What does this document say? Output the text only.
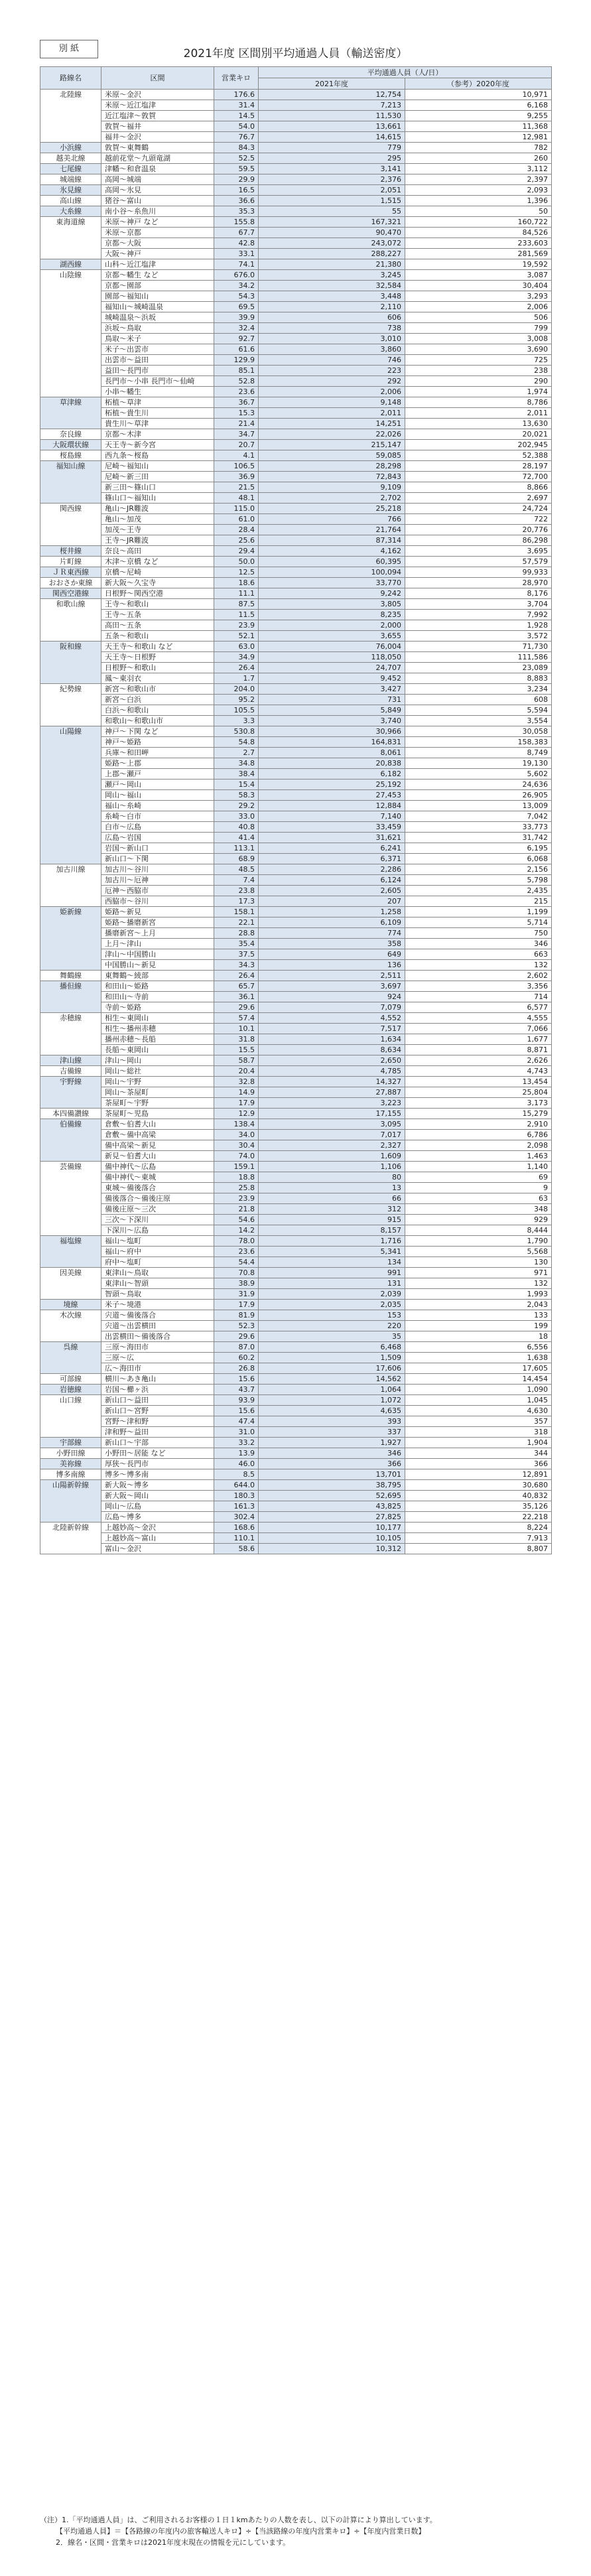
別 紙	2021年度 区間別平均通過人員（輸送密度）
路線名	区間	営業キロ	平均通過人員（人/日）	
			2021年度	（参考）2020年度
北陸線	米原～金沢	176.6	12,754	10,971
	米原～近江塩津	31.4	7,213	6,168
	近江塩津～敦賀	14.5	11,530	9,255
	敦賀～福井	54.0	13,661	11,368
	福井～金沢	76.7	14,615	12,981
小浜線	敦賀～東舞鶴	84.3	779	782
越美北線	越前花堂～九頭竜湖	52.5	295	260
七尾線	津幡～和倉温泉	59.5	3,141	3,112
城端線	高岡～城端	29.9	2,376	2,397
氷見線	高岡～氷見	16.5	2,051	2,093
高山線	猪谷～富山	36.6	1,515	1,396
大糸線	南小谷～糸魚川	35.3	55	50
東海道線	米原～神戸 など	155.8	167,321	160,722
	米原～京都	67.7	90,470	84,526
	京都～大阪	42.8	243,072	233,603
	大阪～神戸	33.1	288,227	281,569
湖西線	山科～近江塩津	74.1	21,380	19,592
山陰線	京都～幡生 など	676.0	3,245	3,087
	京都～園部	34.2	32,584	30,404
	園部～福知山	54.3	3,448	3,293
	福知山～城崎温泉	69.5	2,110	2,006
	城崎温泉～浜坂	39.9	606	506
	浜坂～鳥取	32.4	738	799
	鳥取～米子	92.7	3,010	3,008
	米子～出雲市	61.6	3,860	3,690
	出雲市～益田	129.9	746	725
	益田～長門市	85.1	223	238
	長門市～小串 長門市～仙崎	52.8	292	290
	小串～幡生	23.6	2,006	1,974
草津線	柘植～草津	36.7	9,148	8,786
	柘植～貴生川	15.3	2,011	2,011
	貴生川～草津	21.4	14,251	13,630
奈良線	京都～木津	34.7	22,026	20,021
大阪環状線	天王寺～新今宮	20.7	215,147	202,945
桜島線	西九条～桜島	4.1	59,085	52,388
福知山線	尼崎～福知山	106.5	28,298	28,197
	尼崎～新三田	36.9	72,843	72,700
	新三田～篠山口	21.5	9,109	8,866
	篠山口～福知山	48.1	2,702	2,697
関西線	亀山～JR難波	115.0	25,218	24,724
	亀山～加茂	61.0	766	722
	加茂～王寺	28.4	21,764	20,776
	王寺～JR難波	25.6	87,314	86,298
桜井線	奈良～高田	29.4	4,162	3,695
片町線	木津～京橋 など	50.0	60,395	57,579
ＪＲ東西線	京橋～尼崎	12.5	100,094	99,933
おおさか東線	新大阪～久宝寺	18.6	33,770	28,970
関西空港線	日根野～関西空港	11.1	9,242	8,176
和歌山線	王寺～和歌山	87.5	3,805	3,704
	王寺～五条	11.5	8,235	7,992
	高田～五条	23.9	2,000	1,928
	五条～和歌山	52.1	3,655	3,572
阪和線	天王寺～和歌山 など	63.0	76,004	71,730
	天王寺～日根野	34.9	118,050	111,586
	日根野～和歌山	26.4	24,707	23,089
	鳳～東羽衣	1.7	9,452	8,883
紀勢線	新宮～和歌山市	204.0	3,427	3,234
	新宮～白浜	95.2	731	608
	白浜～和歌山	105.5	5,849	5,594
	和歌山～和歌山市	3.3	3,740	3,554
山陽線	神戸～下関 など	530.8	30,966	30,058
	神戸～姫路	54.8	164,831	158,383
	兵庫～和田岬	2.7	8,061	8,749
	姫路～上郡	34.8	20,838	19,130
	上郡～瀬戸	38.4	6,182	5,602
	瀬戸～岡山	15.4	25,192	24,636
	岡山～福山	58.3	27,453	26,905
	福山～糸崎	29.2	12,884	13,009
	糸崎～白市	33.0	7,140	7,042
	白市～広島	40.8	33,459	33,773
	広島～岩国	41.4	31,621	31,742
	岩国～新山口	113.1	6,241	6,195
	新山口～下関	68.9	6,371	6,068
加古川線	加古川～谷川	48.5	2,286	2,156
	加古川～厄神	7.4	6,124	5,798
	厄神～西脇市	23.8	2,605	2,435
	西脇市～谷川	17.3	207	215
姫新線	姫路～新見	158.1	1,258	1,199
	姫路～播磨新宮	22.1	6,109	5,714
	播磨新宮～上月	28.8	774	750
	上月～津山	35.4	358	346
	津山～中国勝山	37.5	649	663
	中国勝山～新見	34.3	136	132
舞鶴線	東舞鶴～綾部	26.4	2,511	2,602
播但線	和田山～姫路	65.7	3,697	3,356
	和田山～寺前	36.1	924	714
	寺前～姫路	29.6	7,079	6,577
赤穂線	相生～東岡山	57.4	4,552	4,555
	相生～播州赤穂	10.1	7,517	7,066
	播州赤穂～長船	31.8	1,634	1,677
	長船～東岡山	15.5	8,634	8,871
津山線	津山～岡山	58.7	2,650	2,626
吉備線	岡山～総社	20.4	4,785	4,743
宇野線	岡山～宇野	32.8	14,327	13,454
	岡山～茶屋町	14.9	27,887	25,804
	茶屋町～宇野	17.9	3,223	3,173
本四備讃線	茶屋町～児島	12.9	17,155	15,279
伯備線	倉敷～伯耆大山	138.4	3,095	2,910
	倉敷～備中高梁	34.0	7,017	6,786
	備中高梁～新見	30.4	2,327	2,098
	新見～伯耆大山	74.0	1,609	1,463
芸備線	備中神代～広島	159.1	1,106	1,140
	備中神代～東城	18.8	80	69
	東城～備後落合	25.8	13	9
	備後落合～備後庄原	23.9	66	63
	備後庄原～三次	21.8	312	348
	三次～下深川	54.6	915	929
	下深川～広島	14.2	8,157	8,444
福塩線	福山～塩町	78.0	1,716	1,790
	福山～府中	23.6	5,341	5,568
	府中～塩町	54.4	134	130
因美線	東津山～鳥取	70.8	991	971
	東津山～智頭	38.9	131	132
	智頭～鳥取	31.9	2,039	1,993
境線	米子～境港	17.9	2,035	2,043
木次線	宍道～備後落合	81.9	153	133
	宍道～出雲横田	52.3	220	199
	出雲横田～備後落合	29.6	35	18
呉線	三原～海田市	87.0	6,468	6,556
	三原～広	60.2	1,509	1,638
	広～海田市	26.8	17,606	17,605
可部線	横川～あき亀山	15.6	14,562	14,454
岩徳線	岩国～櫛ヶ浜	43.7	1,064	1,090
山口線	新山口～益田	93.9	1,072	1,045
	新山口～宮野	15.6	4,635	4,630
	宮野～津和野	47.4	393	357
	津和野～益田	31.0	337	318
宇部線	新山口～宇部	33.2	1,927	1,904
小野田線	小野田～居能 など	13.9	346	344
美祢線	厚狭～長門市	46.0	366	366
博多南線	博多～博多南	8.5	13,701	12,891
山陽新幹線	新大阪～博多	644.0	38,795	30,680
	新大阪～岡山	180.3	52,695	40,832
	岡山～広島	161.3	43,825	35,126
	広島～博多	302.4	27,825	22,218
北陸新幹線	上越妙高～金沢	168.6	10,177	8,224
	上越妙高～富山	110.1	10,105	7,913
	富山～金沢	58.6	10,312	8,807
（注）1.「平均通過人員」は、ご利用されるお客様の１日１kmあたりの人数を表し、以下の計算により算出しています。
【平均通過人員】＝【各路線の年度内の旅客輸送人キロ】÷【当該路線の年度内営業キロ】÷【年度内営業日数】
2．線名・区間・営業キロは2021年度末現在の情報を元にしています。
